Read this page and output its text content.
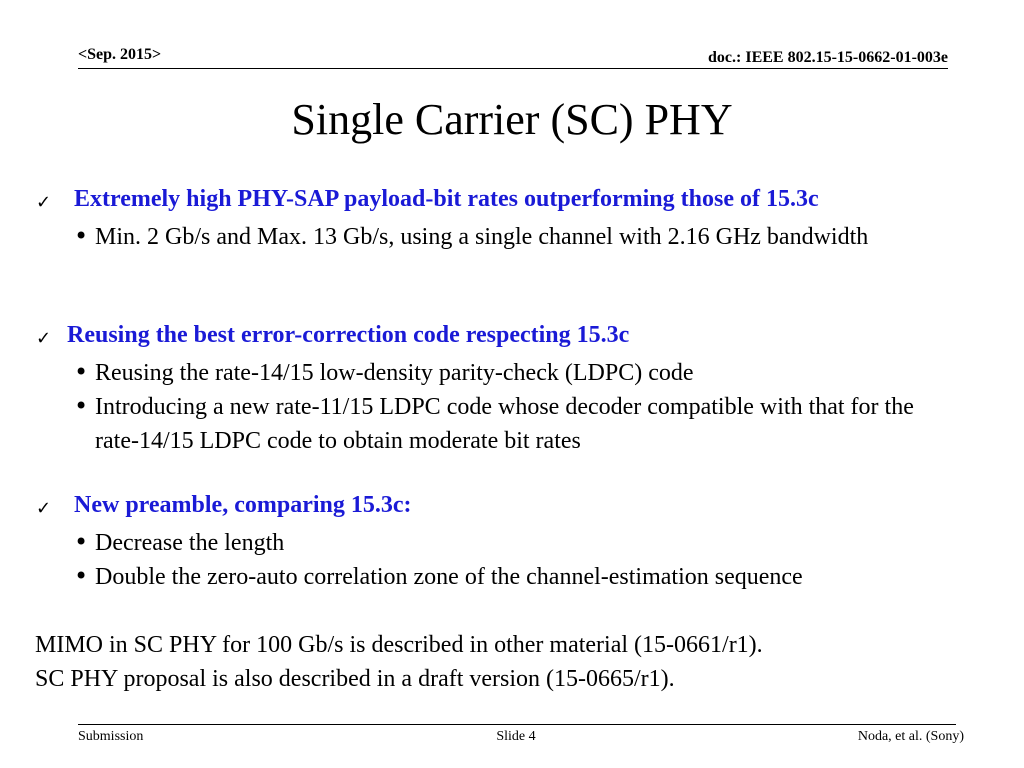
<Sep. 2015>	doc.: IEEE 802.15-15-0662-01-003e
Single Carrier (SC) PHY
✓ Extremely high PHY-SAP payload-bit rates outperforming those of 15.3c
• Min. 2 Gb/s and Max. 13 Gb/s, using a single channel with 2.16 GHz bandwidth
✓ Reusing the best error-correction code respecting 15.3c
• Reusing the rate-14/15 low-density parity-check (LDPC) code
• Introducing a new rate-11/15 LDPC code whose decoder compatible with that for the rate-14/15 LDPC code to obtain moderate bit rates
✓ New preamble, comparing 15.3c:
• Decrease the length
• Double the zero-auto correlation zone of the channel-estimation sequence
MIMO in SC PHY for 100 Gb/s is described in other material (15-0661/r1).
SC PHY proposal is also described in a draft version (15-0665/r1).
Submission	Slide 4	Noda, et al. (Sony)
